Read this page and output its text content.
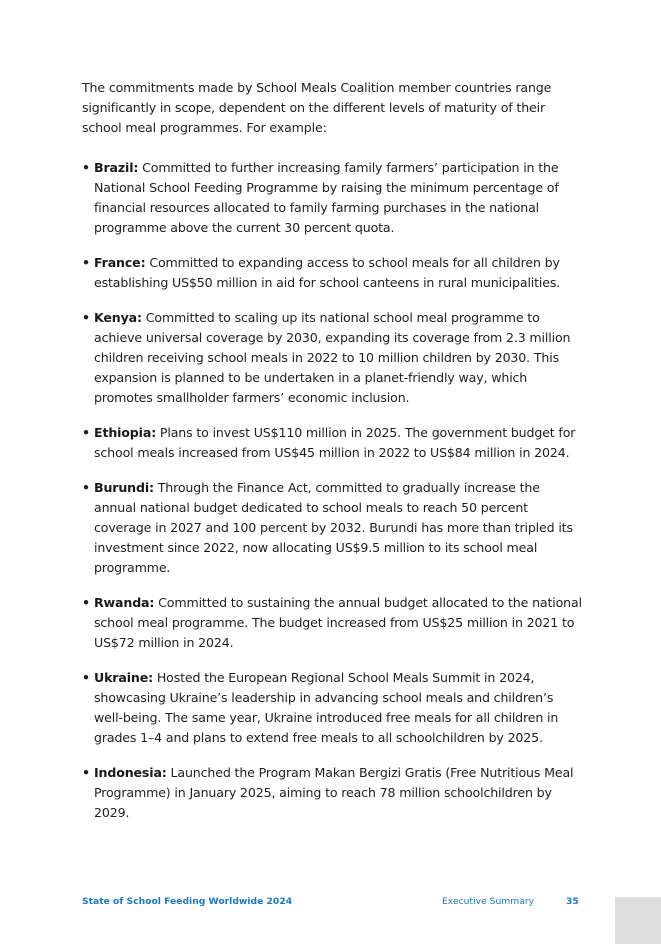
The commitments made by School Meals Coalition member countries range significantly in scope, dependent on the different levels of maturity of their school meal programmes. For example:

• Brazil: Committed to further increasing family farmers’ participation in the National School Feeding Programme by raising the minimum percentage of financial resources allocated to family farming purchases in the national programme above the current 30 percent quota.
• France: Committed to expanding access to school meals for all children by establishing US$50 million in aid for school canteens in rural municipalities.
• Kenya: Committed to scaling up its national school meal programme to achieve universal coverage by 2030, expanding its coverage from 2.3 million children receiving school meals in 2022 to 10 million children by 2030. This expansion is planned to be undertaken in a planet-friendly way, which promotes smallholder farmers’ economic inclusion.
• Ethiopia: Plans to invest US$110 million in 2025. The government budget for school meals increased from US$45 million in 2022 to US$84 million in 2024.
• Burundi: Through the Finance Act, committed to gradually increase the annual national budget dedicated to school meals to reach 50 percent coverage in 2027 and 100 percent by 2032. Burundi has more than tripled its investment since 2022, now allocating US$9.5 million to its school meal programme.
• Rwanda: Committed to sustaining the annual budget allocated to the national school meal programme. The budget increased from US$25 million in 2021 to US$72 million in 2024.
• Ukraine: Hosted the European Regional School Meals Summit in 2024, showcasing Ukraine’s leadership in advancing school meals and children’s well-being. The same year, Ukraine introduced free meals for all children in grades 1–4 and plans to extend free meals to all schoolchildren by 2025.
• Indonesia: Launched the Program Makan Bergizi Gratis (Free Nutritious Meal Programme) in January 2025, aiming to reach 78 million schoolchildren by 2029.
State of School Feeding Worldwide 2024	Executive Summary	35
